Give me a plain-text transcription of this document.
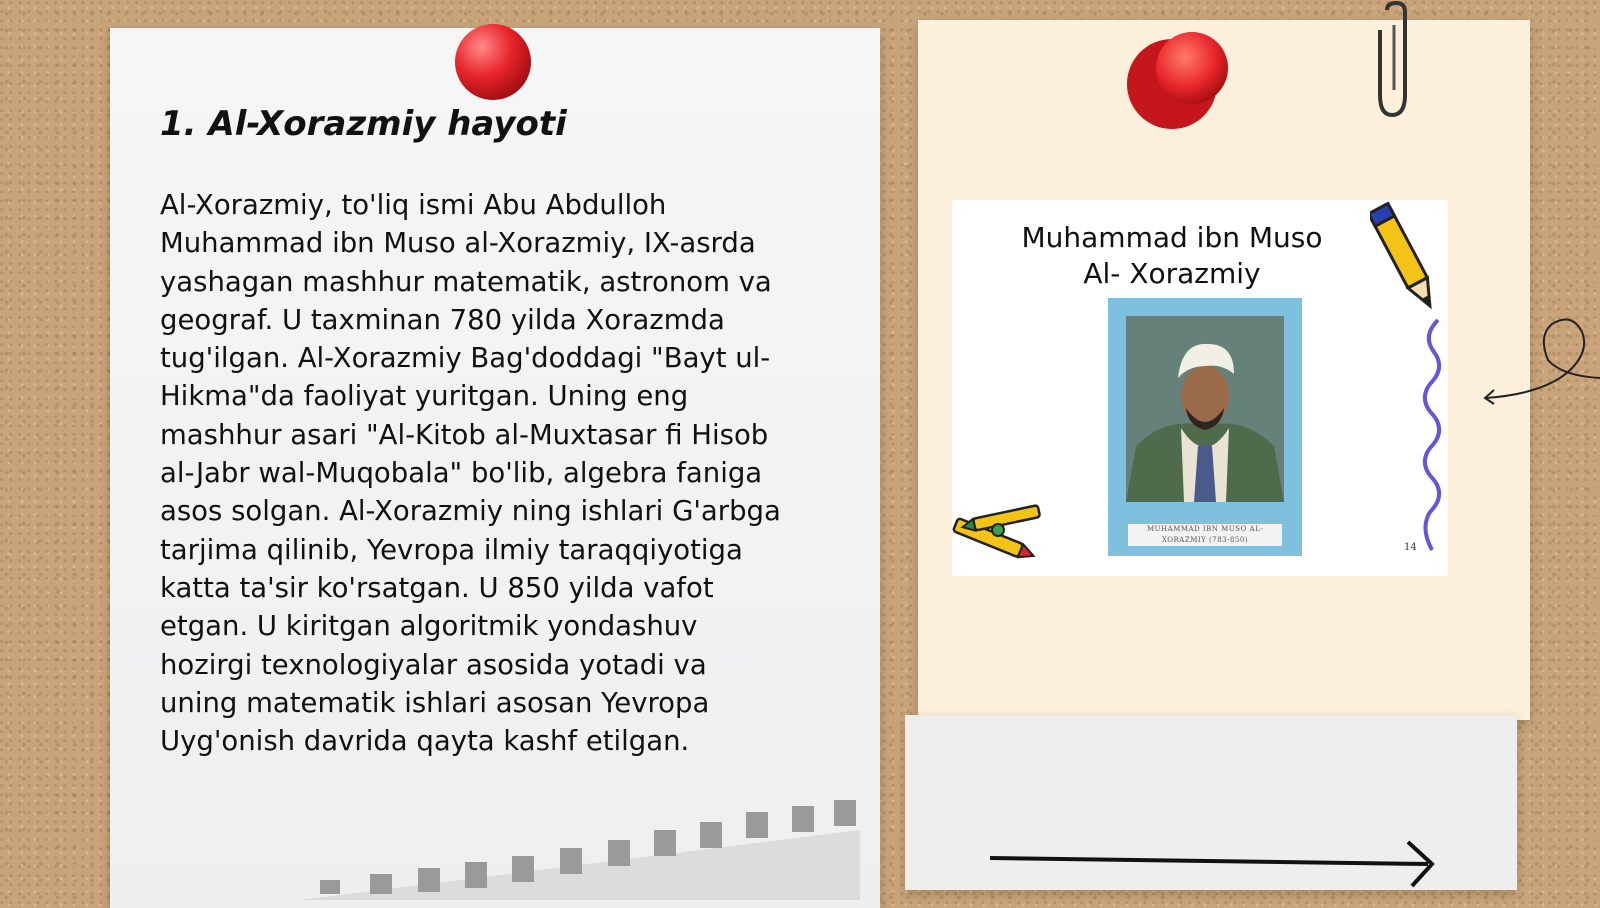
1. Al-Xorazmiy hayoti

Al-Xorazmiy, to'liq ismi Abu Abdulloh
Muhammad ibn Muso al-Xorazmiy, IX-asrda
yashagan mashhur matematik, astronom va
geograf. U taxminan 780 yilda Xorazmda
tug'ilgan. Al-Xorazmiy Bag'doddagi "Bayt ul-
Hikma"da faoliyat yuritgan. Uning eng
mashhur asari "Al-Kitob al-Muxtasar fi Hisob
al-Jabr wal-Muqobala" bo'lib, algebra faniga
asos solgan. Al-Xorazmiy ning ishlari G'arbga
tarjima qilinib, Yevropa ilmiy taraqqiyotiga
katta ta'sir ko'rsatgan. U 850 yilda vafot
etgan. U kiritgan algoritmik yondashuv
hozirgi texnologiyalar asosida yotadi va
uning matematik ishlari asosan Yevropa
Uyg'onish davrida qayta kashf etilgan.

Muhammad ibn Muso
Al- Xorazmiy
MUHAMMAD IBN MUSO AL-XORAZMIY (783-850)
14
